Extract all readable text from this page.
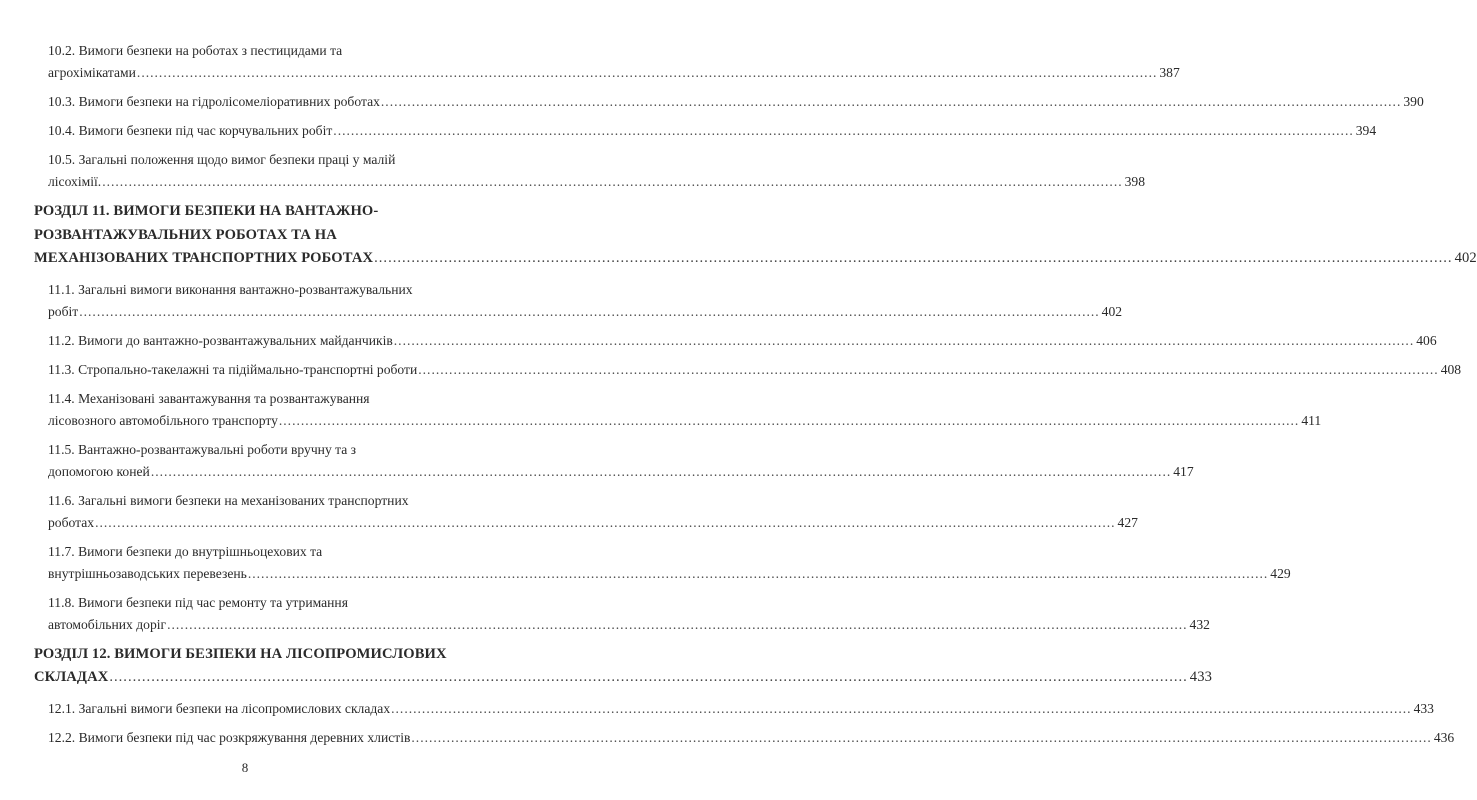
10.2. Вимоги безпеки на роботах з пестицидами та
агрохімікатами .....	387
10.3. Вимоги безпеки на гідролісомеліоративних роботах .....	390
10.4. Вимоги безпеки під час корчувальних робіт .....	394
10.5. Загальні положення щодо вимог безпеки праці у малій
лісохімії. .....	398
РОЗДІЛ 11. ВИМОГИ БЕЗПЕКИ НА ВАНТАЖНО-
РОЗВАНТАЖУВАЛЬНИХ РОБОТАХ ТА НА
МЕХАНІЗОВАНИХ ТРАНСПОРТНИХ РОБОТАХ .....	402
11.1. Загальні вимоги виконання вантажно-розвантажувальних
робіт .....	402
11.2. Вимоги до вантажно-розвантажувальних майданчиків .....	406
11.3. Стропально-такелажні та підіймально-транспортні роботи .....	408
11.4. Механізовані завантажування та розвантажування
лісовозного автомобільного транспорту .....	411
11.5. Вантажно-розвантажувальні роботи вручну та з
допомогою коней .....	417
11.6. Загальні вимоги безпеки на механізованих транспортних
роботах .....	427
11.7. Вимоги безпеки до внутрішньоцехових та
внутрішньозаводських перевезень .....	429
11.8. Вимоги безпеки під час ремонту та утримання
автомобільних доріг .....	432
РОЗДІЛ 12. ВИМОГИ БЕЗПЕКИ НА ЛІСОПРОМИСЛОВИХ
СКЛАДАХ .....	433
12.1. Загальні вимоги безпеки на лісопромислових складах .....	433
12.2. Вимоги безпеки під час розкряжування деревних хлистів .....	436
8
